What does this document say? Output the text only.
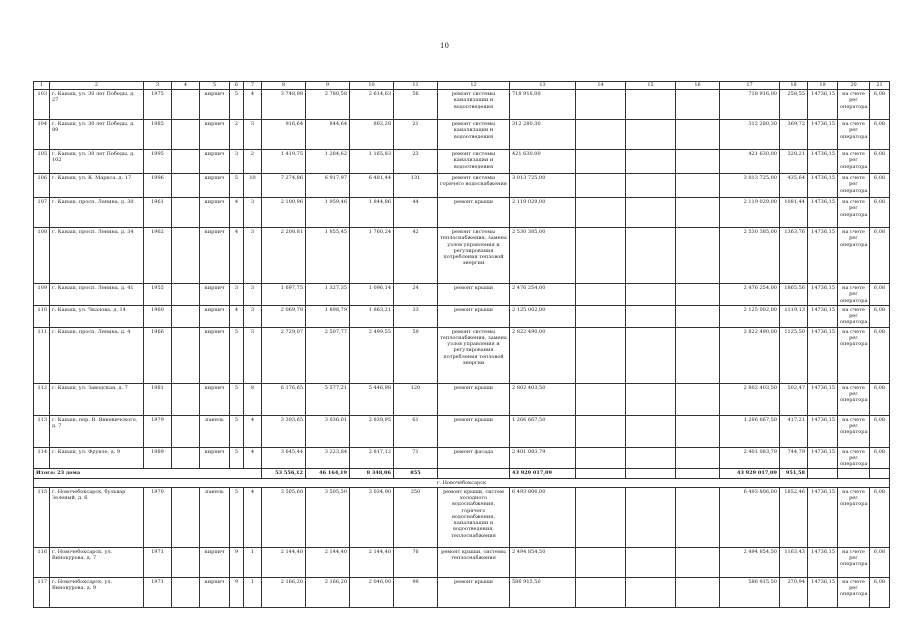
10
1	2	3	4	5	6	7	8	9	10	11	12	13	14	15	16	17	18	19	20	21
103	г. Канаш, ул. 30 лет Победы, д. 27	1975		кирпич	5	4	3 748,98	2 780,58	2 614,63	56	ремонт системы канализации и водоотведения	718 916,00				718 916,00	258,55	14736,15	на счете рег оператора	6,08
104	г. Канаш, ул. 30 лет Победы, д. 89	1985		кирпич	2	3	916,64	844,64	802,28	21	ремонт системы канализации и водоотведения	312 280,30				312 280,30	369,72	14736,15	на счете рег оператора	6,08
105	г. Канаш, ул. 30 лет Победы, д. 102	1995		кирпич	3	2	1 419,75	1 284,62	1 165,83	23	ремонт системы канализации и водоотведения	421 630,00				421 630,00	328,21	14736,15	на счете рег оператора	6,08
106	г. Канаш, ул. К. Маркса, д. 17	1996		кирпич	5	10	7 274,86	6 917,97	6 481,44	131	ремонт системы горячего водоснабжения	3 013 725,00				3 013 725,00	435,64	14736,15	на счете рег оператора	6,08
107	г. Канаш, просп. Ленина, д. 30	1961		кирпич	4	3	2 100,96	1 959,46	1 844,86	44	ремонт крыши	2 119 029,00				2 119 029,00	1081,44	14736,15	на счете рег оператора	6,08
108	г. Канаш, просп. Ленина, д. 34	1962		кирпич	4	3	2 208,81	1 855,45	1 760,24	42	ремонт системы теплоснабжения, замена узлов управления и регулирования потребления тепловой энергии	2 530 385,00				2 530 385,00	1363,76	14736,15	на счете рег оператора	6,08
109	г. Канаш, просп. Ленина, д. 41	1955		кирпич	3	3	1 697,75	1 327,35	1 096,14	24	ремонт крыши	2 476 254,00				2 476 254,00	1865,56	14736,15	на счете рег оператора	6,08
110	г. Канаш, ул. Чкалова, д. 14	1960		кирпич	4	3	2 069,79	1 898,79	1 863,21	33	ремонт крыши	2 125 002,00				2 125 002,00	1119,13	14736,15	на счете рег оператора	6,08
111	г. Канаш, просп. Ленина, д. 4	1966		кирпич	5	3	2 729,07	2 507,77	2 499,55	59	ремонт системы теплоснабжения, замена узлов управления и регулирования потребления тепловой энергии	2 822 490,00				2 822 490,00	1125,50	14736,15	на счете рег оператора	6,08
112	г. Канаш, ул. Заводская, д. 7	1981		кирпич	5	8	6 176,65	5 577,21	5 446,98	120	ремонт крыши	2 802 403,50				2 802 403,50	502,47	14736,15	на счете рег оператора	6,08
113	г. Канаш, пер. В. Янкевичского, д. 7	1979		панель	5	4	3 393,65	3 036,01	2 839,95	61	ремонт крыши	1 266 667,50				1 266 667,50	417,21	14736,15	на счете рег оператора	6,08
114	г. Канаш, ул. Фрунзе, д. 9	1989		кирпич	5	4	3 645,44	3 223,84	2 817,12	71	ремонт фасада	2 401 083,79				2 401 083,79	744,79	14736,15	на счете рег оператора	6,08
Итого: 23 дома							53 556,12	46 164,19	8 348,06	855		43 929 017,09				43 929 017,09	951,58			
г. Новочебоксарск																				
115	г. Новочебоксарск, бульвар Зеленый, д. 6	1970		панель	5	4	3 505,60	3 505,50	3 034,90	250	ремонт крыши, систем холодного водоснабжения, горячего водоснабжения, канализации и водоотведения, теплоснабжения	6 493 806,00				6 493 806,00	1852,46	14736,15	на счете рег оператора	6,08
116	г. Новочебоксарск, ул. Винокурова, д. 7	1971		кирпич	9	1	2 144,40	2 144,40	2 144,40	76	ремонт крыши, системы теплоснабжения	2 494 854,50				2 494 854,50	1163,43	14736,15	на счете рег оператора	6,08
117	г. Новочебоксарск, ул. Винокурова, д. 9	1971		кирпич	9	1	2 166,20	2 166,20	2 046,00	99	ремонт крыши	586 915,50				586 915,50	270,94	14736,15	на счете рег оператора	6,08
